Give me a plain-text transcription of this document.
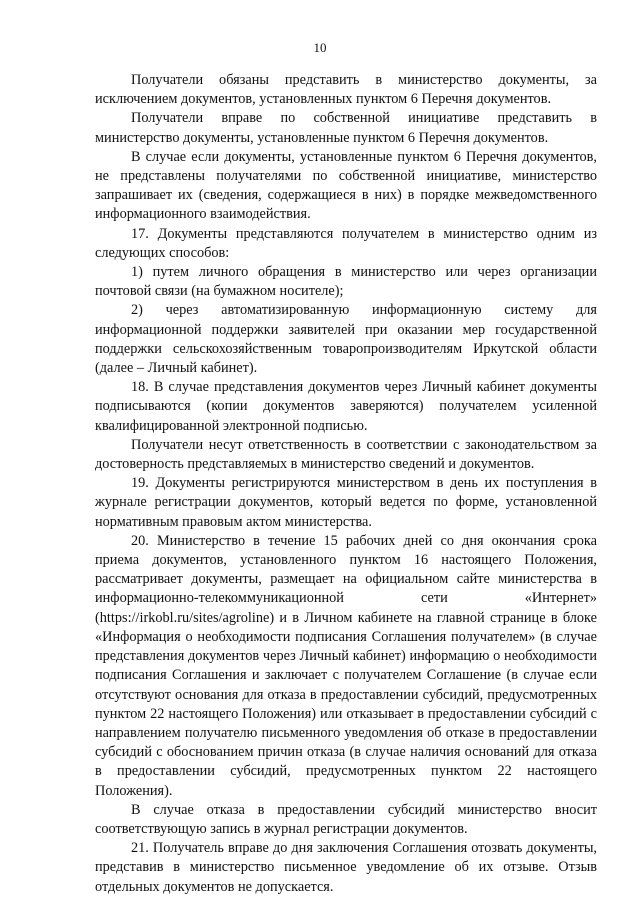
10

Получатели обязаны представить в министерство документы, за исключением документов, установленных пунктом 6 Перечня документов.

Получатели вправе по собственной инициативе представить в министерство документы, установленные пунктом 6 Перечня документов.

В случае если документы, установленные пунктом 6 Перечня документов, не представлены получателями по собственной инициативе, министерство запрашивает их (сведения, содержащиеся в них) в порядке межведомственного информационного взаимодействия.

17. Документы представляются получателем в министерство одним из следующих способов:

1) путем личного обращения в министерство или через организации почтовой связи (на бумажном носителе);

2) через автоматизированную информационную систему для информационной поддержки заявителей при оказании мер государственной поддержки сельскохозяйственным товаропроизводителям Иркутской области (далее – Личный кабинет).

18. В случае представления документов через Личный кабинет документы подписываются (копии документов заверяются) получателем усиленной квалифицированной электронной подписью.

Получатели несут ответственность в соответствии с законодательством за достоверность представляемых в министерство сведений и документов.

19. Документы регистрируются министерством в день их поступления в журнале регистрации документов, который ведется по форме, установленной нормативным правовым актом министерства.

20. Министерство в течение 15 рабочих дней со дня окончания срока приема документов, установленного пунктом 16 настоящего Положения, рассматривает документы, размещает на официальном сайте министерства в информационно-телекоммуникационной сети «Интернет» (https://irkobl.ru/sites/agroline) и в Личном кабинете на главной странице в блоке «Информация о необходимости подписания Соглашения получателем» (в случае представления документов через Личный кабинет) информацию о необходимости подписания Соглашения и заключает с получателем Соглашение (в случае если отсутствуют основания для отказа в предоставлении субсидий, предусмотренных пунктом 22 настоящего Положения) или отказывает в предоставлении субсидий с направлением получателю письменного уведомления об отказе в предоставлении субсидий с обоснованием причин отказа (в случае наличия оснований для отказа в предоставлении субсидий, предусмотренных пунктом 22 настоящего Положения).

В случае отказа в предоставлении субсидий министерство вносит соответствующую запись в журнал регистрации документов.

21. Получатель вправе до дня заключения Соглашения отозвать документы, представив в министерство письменное уведомление об их отзыве. Отзыв отдельных документов не допускается.
